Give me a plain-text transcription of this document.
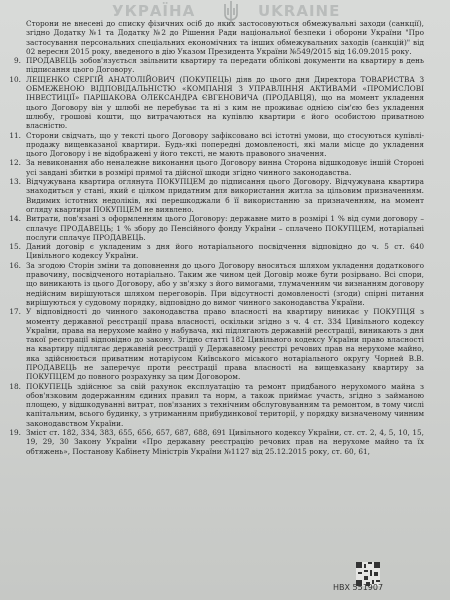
УКРАЇНА	UKRAINE
Сторони не внесені до списку фізичних осіб до яких застосовуються обмежувальні заходи (санкції), згідно Додатку №1 та Додатку №2 до Рішення Ради національної безпеки і оборони України "Про застосування персональних спеціальних економічних та інших обмежувальних заходів (санкцій)" від 02 вересня 2015 року, введеного в дію Указом Президента України №549/2015 від 16.09.2015 року.
9. ПРОДАВЕЦЬ зобов'язується звільнити квартиру та передати облікові документи на квартиру в день підписання цього Договору.
10. ЛЕЩЕНКО СЕРГІЙ АНАТОЛІЙОВИЧ (ПОКУПЕЦЬ) діяв до цього дня Директора ТОВАРИСТВА З ОБМЕЖЕНОЮ ВІДПОВІДАЛЬНІСТЮ «КОМПАНІЯ З УПРАВЛІННЯ АКТИВАМИ «ПРОМИСЛОВІ ІНВЕСТИЦІЇ» ПАРШАКОВА ОЛЕКСАНДРА ЄВГЕНОВИЧА (ПРОДАВЦЯ), що на момент укладення цього Договору він у шлюбі не перебуває та ні з ким не проживає однією сім'єю без укладення шлюбу, грошові кошти, що витрачаються на купівлю квартири є його особистою приватною власністю.
11. Сторони свідчать, що у тексті цього Договору зафіксовано всі істотні умови, що стосуються купівлі-продажу вищевказаної квартири. Будь-які попередні домовленості, які мали місце до укладення цього Договору і не відображені у його тексті, не мають правового значення.
12. За невиконання або неналежне виконання цього Договору винна Сторона відшкодовує іншій Стороні усі завдані збитки в розмірі прямої та дійсної шкоди згідно чинного законодавства.
13. Відчужувана квартира оглянута ПОКУПЦЕМ до підписання цього Договору. Відчужувана квартира знаходиться у стані, який є цілком придатним для використання житла за цільовим призначенням. Видимих істотних недоліків, які перешкоджали б її використанню за призначенням, на момент огляду квартири ПОКУПЦЕМ не виявлено.
14. Витрати, пов'язані з оформленням цього Договору: державне мито в розмірі 1 % від суми договору – сплачує ПРОДАВЕЦЬ; 1 % збору до Пенсійного фонду України – сплачено ПОКУПЦЕМ, нотаріальні послуги сплачує ПРОДАВЕЦЬ.
15. Даний договір є укладеним з дня його нотаріального посвідчення відповідно до ч. 5 ст. 640 Цивільного кодексу України.
16. За згодою Сторін зміни та доповнення до цього Договору вносяться шляхом укладення додаткового правочину, посвідченого нотаріально. Таким же чином цей Договір може бути розірвано. Всі спори, що виникають із цього Договору, або у зв'язку з його вимогами, тлумаченням чи визнанням договору недійсним вирішуються шляхом переговорів. При відсутності домовленості (згоди) спірні питання вирішуються у судовому порядку, відповідно до вимог чинного законодавства України.
17. У відповідності до чинного законодавства право власності на квартиру виникає у ПОКУПЦЯ з моменту державної реєстрації права власності, оскільки згідно з ч. 4 ст. 334 Цивільного кодексу України, права на нерухоме майно у набувача, які підлягають державній реєстрації, виникають з дня такої реєстрації відповідно до закону. Згідно статті 182 Цивільного кодексу України право власності на квартиру підлягає державній реєстрації у Державному реєстрі речових прав на нерухоме майно, яка здійснюється приватним нотаріусом Київського міського нотаріального округу Чорней В.В. ПРОДАВЕЦЬ не заперечує проти реєстрації права власності на вищевказану квартиру за ПОКУПЦЕМ до повного розрахунку за цим Договором.
18. ПОКУПЕЦЬ здійснює за свій рахунок експлуатацію та ремонт придбаного нерухомого майна з обов'язковим додержанням єдиних правил та норм, а також приймає участь, згідно з займаною площею, у відшкодуванні витрат, пов'язаних з технічним обслуговуванням та ремонтом, в тому числі капітальним, всього будинку, з утриманням прибудинкової території, у порядку визначеному чинним законодавством України.
19. Зміст ст. 182, 334, 383, 655, 656, 657, 687, 688, 691 Цивільного кодексу України, ст. ст. 2, 4, 5, 10, 15, 19, 29, 30 Закону України «Про державну реєстрацію речових прав на нерухоме майно та їх обтяжень», Постанову Кабінету Міністрів України №1127 від 25.12.2015 року, ст. 60, 61,
НВХ 551907
